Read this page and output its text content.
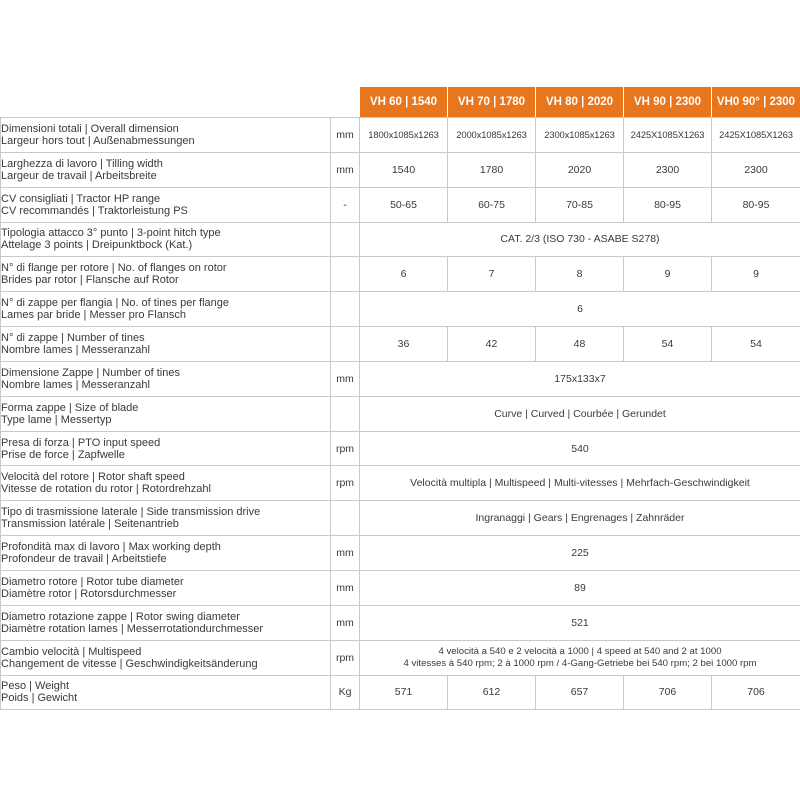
		VH 60 | 1540	VH 70 | 1780	VH 80 | 2020	VH 90 | 2300	VH0 90° | 2300

Dimensioni totali | Overall dimension
Largeur hors tout | Außenabmessungen	mm	1800x1085x1263	2000x1085x1263	2300x1085x1263	2425X1085X1263	2425X1085X1263

Larghezza di lavoro | Tilling width
Largeur de travail | Arbeitsbreite	mm	1540	1780	2020	2300	2300

CV consigliati | Tractor HP range
CV recommandés | Traktorleistung PS	-	50-65	60-75	70-85	80-95	80-95

Tipologia attacco 3° punto | 3-point hitch type
Attelage 3 points | Dreipunktbock (Kat.)		CAT. 2/3 (ISO 730 - ASABE S278)				

N° di flange per rotore | No. of flanges on rotor
Brides par rotor | Flansche auf Rotor		6	7	8	9	9

N° di zappe per flangia | No. of tines per flange
Lames par bride | Messer pro Flansch		6				

N° di zappe | Number of tines
Nombre lames | Messeranzahl		36	42	48	54	54

Dimensione Zappe | Number of tines
Nombre lames | Messeranzahl	mm	175x133x7				

Forma zappe | Size of blade
Type lame | Messertyp		Curve | Curved | Courbée | Gerundet				

Presa di forza | PTO input speed
Prise de force | Zapfwelle	rpm	540				

Velocità del rotore | Rotor shaft speed
Vitesse de rotation du rotor | Rotordrehzahl	rpm	Velocità multipla | Multispeed | Multi-vitesses | Mehrfach-Geschwindigkeit				

Tipo di trasmissione laterale | Side transmission drive
Transmission latérale | Seitenantrieb		Ingranaggi | Gears | Engrenages | Zahnräder				

Profondità max di lavoro | Max working depth
Profondeur de travail | Arbeitstiefe	mm	225				

Diametro rotore | Rotor tube diameter
Diamètre rotor | Rotorsdurchmesser	mm	89				

Diametro rotazione zappe | Rotor swing diameter
Diamètre rotation lames | Messerrotationdurchmesser	mm	521				

Cambio velocità | Multispeed
Changement de vitesse | Geschwindigkeitsänderung	rpm	4 velocità a 540 e 2 velocità a 1000 | 4 speed at 540 and 2 at 1000
4 vitesses à 540 rpm; 2 à 1000 rpm / 4-Gang-Getriebe bei 540 rpm; 2 bei 1000 rpm				

Peso | Weight
Poids | Gewicht	Kg	571	612	657	706	706
